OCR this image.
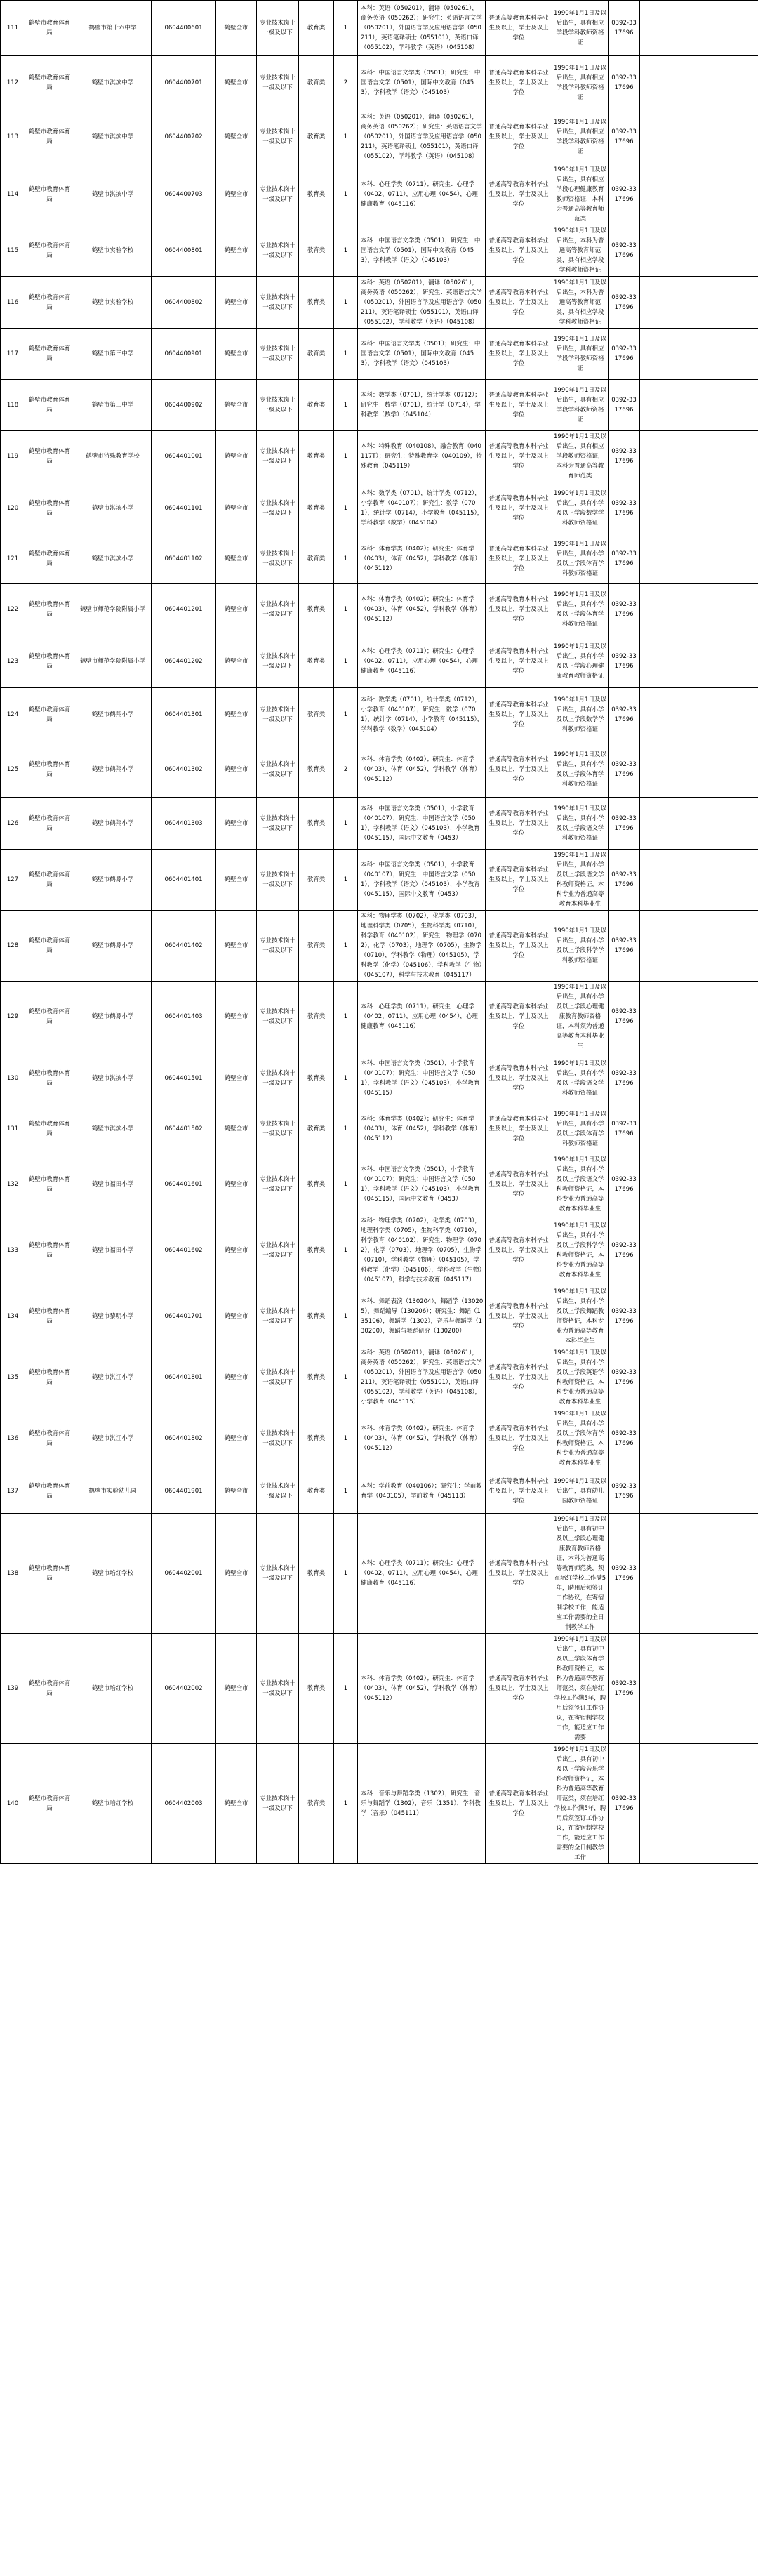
111	鹤壁市教育体育局	鹤壁市第十六中学	0604400601	鹤壁全市	专业技术岗十一级及以下	教育类	1	本科：英语（050201），翻译（050261），商务英语（050262）；研究生：英语语言文学（050201），外国语言学及应用语言学（050211），英语笔译硕士（055101），英语口译（055102），学科教学（英语）（045108）	普通高等教育本科毕业生及以上，学士及以上学位	1990年1月1日及以后出生，具有相应学段学科教师资格证	0392-3317696	
112	鹤壁市教育体育局	鹤壁市淇滨中学	0604400701	鹤壁全市	专业技术岗十一级及以下	教育类	2	本科：中国语言文学类（0501）；研究生：中国语言文学（0501），国际中文教育（0453），学科教学（语文）（045103）	普通高等教育本科毕业生及以上，学士及以上学位	1990年1月1日及以后出生，具有相应学段学科教师资格证	0392-3317696	
113	鹤壁市教育体育局	鹤壁市淇滨中学	0604400702	鹤壁全市	专业技术岗十一级及以下	教育类	1	本科：英语（050201），翻译（050261），商务英语（050262）；研究生：英语语言文学（050201），外国语言学及应用语言学（050211），英语笔译硕士（055101），英语口译（055102），学科教学（英语）（045108）	普通高等教育本科毕业生及以上，学士及以上学位	1990年1月1日及以后出生，具有相应学段学科教师资格证	0392-3317696	
114	鹤壁市教育体育局	鹤壁市淇滨中学	0604400703	鹤壁全市	专业技术岗十一级及以下	教育类	1	本科：心理学类（0711）；研究生：心理学（0402、0711），应用心理（0454），心理健康教育（045116）	普通高等教育本科毕业生及以上，学士及以上学位	1990年1月1日及以后出生，具有相应学段心理健康教育教师资格证，本科为普通高等教育师范类	0392-3317696	
115	鹤壁市教育体育局	鹤壁市实验学校	0604400801	鹤壁全市	专业技术岗十一级及以下	教育类	1	本科：中国语言文学类（0501）；研究生：中国语言文学（0501），国际中文教育（0453），学科教学（语文）（045103）	普通高等教育本科毕业生及以上，学士及以上学位	1990年1月1日及以后出生，本科为普通高等教育师范类，具有相应学段学科教师资格证	0392-3317696	
116	鹤壁市教育体育局	鹤壁市实验学校	0604400802	鹤壁全市	专业技术岗十一级及以下	教育类	1	本科：英语（050201），翻译（050261），商务英语（050262）；研究生：英语语言文学（050201），外国语言学及应用语言学（050211），英语笔译硕士（055101），英语口译（055102），学科教学（英语）（045108）	普通高等教育本科毕业生及以上，学士及以上学位	1990年1月1日及以后出生，本科为普通高等教育师范类，具有相应学段学科教师资格证	0392-3317696	
117	鹤壁市教育体育局	鹤壁市第三中学	0604400901	鹤壁全市	专业技术岗十一级及以下	教育类	1	本科：中国语言文学类（0501）；研究生：中国语言文学（0501），国际中文教育（0453），学科教学（语文）（045103）	普通高等教育本科毕业生及以上，学士及以上学位	1990年1月1日及以后出生，具有相应学段学科教师资格证	0392-3317696	
118	鹤壁市教育体育局	鹤壁市第三中学	0604400902	鹤壁全市	专业技术岗十一级及以下	教育类	1	本科：数学类（0701），统计学类（0712）；研究生：数学（0701），统计学（0714），学科教学（数学）（045104）	普通高等教育本科毕业生及以上，学士及以上学位	1990年1月1日及以后出生，具有相应学段学科教师资格证	0392-3317696	
119	鹤壁市教育体育局	鹤壁市特殊教育学校	0604401001	鹤壁全市	专业技术岗十一级及以下	教育类	1	本科：特殊教育（040108），融合教育（040117T）；研究生：特殊教育学（040109），特殊教育（045119）	普通高等教育本科毕业生及以上，学士及以上学位	1990年1月1日及以后出生，具有相应学段教师资格证，本科为普通高等教育师范类	0392-3317696	
120	鹤壁市教育体育局	鹤壁市淇滨小学	0604401101	鹤壁全市	专业技术岗十一级及以下	教育类	1	本科：数学类（0701），统计学类（0712），小学教育（040107）；研究生：数学（0701），统计学（0714），小学教育（045115），学科教学（数学）（045104）	普通高等教育本科毕业生及以上，学士及以上学位	1990年1月1日及以后出生，具有小学及以上学段数学学科教师资格证	0392-3317696	
121	鹤壁市教育体育局	鹤壁市淇滨小学	0604401102	鹤壁全市	专业技术岗十一级及以下	教育类	1	本科：体育学类（0402）；研究生：体育学（0403），体育（0452），学科教学（体育）（045112）	普通高等教育本科毕业生及以上，学士及以上学位	1990年1月1日及以后出生，具有小学及以上学段体育学科教师资格证	0392-3317696	
122	鹤壁市教育体育局	鹤壁市师范学院附属小学	0604401201	鹤壁全市	专业技术岗十一级及以下	教育类	1	本科：体育学类（0402）；研究生：体育学（0403），体育（0452），学科教学（体育）（045112）	普通高等教育本科毕业生及以上，学士及以上学位	1990年1月1日及以后出生，具有小学及以上学段体育学科教师资格证	0392-3317696	
123	鹤壁市教育体育局	鹤壁市师范学院附属小学	0604401202	鹤壁全市	专业技术岗十一级及以下	教育类	1	本科：心理学类（0711）；研究生：心理学（0402、0711），应用心理（0454），心理健康教育（045116）	普通高等教育本科毕业生及以上，学士及以上学位	1990年1月1日及以后出生，具有小学及以上学段心理健康教育教师资格证	0392-3317696	
124	鹤壁市教育体育局	鹤壁市鹤翔小学	0604401301	鹤壁全市	专业技术岗十一级及以下	教育类	1	本科：数学类（0701），统计学类（0712），小学教育（040107）；研究生：数学（0701），统计学（0714），小学教育（045115），学科教学（数学）（045104）	普通高等教育本科毕业生及以上，学士及以上学位	1990年1月1日及以后出生，具有小学及以上学段数学学科教师资格证	0392-3317696	
125	鹤壁市教育体育局	鹤壁市鹤翔小学	0604401302	鹤壁全市	专业技术岗十一级及以下	教育类	2	本科：体育学类（0402）；研究生：体育学（0403），体育（0452），学科教学（体育）（045112）	普通高等教育本科毕业生及以上，学士及以上学位	1990年1月1日及以后出生，具有小学及以上学段体育学科教师资格证	0392-3317696	
126	鹤壁市教育体育局	鹤壁市鹤翔小学	0604401303	鹤壁全市	专业技术岗十一级及以下	教育类	1	本科：中国语言文学类（0501），小学教育（040107）；研究生：中国语言文学（0501），学科教学（语文）（045103），小学教育（045115），国际中文教育（0453）	普通高等教育本科毕业生及以上，学士及以上学位	1990年1月1日及以后出生，具有小学及以上学段语文学科教师资格证	0392-3317696	
127	鹤壁市教育体育局	鹤壁市鹤源小学	0604401401	鹤壁全市	专业技术岗十一级及以下	教育类	1	本科：中国语言文学类（0501），小学教育（040107）；研究生：中国语言文学（0501），学科教学（语文）（045103），小学教育（045115），国际中文教育（0453）	普通高等教育本科毕业生及以上，学士及以上学位	1990年1月1日及以后出生，具有小学及以上学段语文学科教师资格证，本科专业为普通高等教育本科毕业生	0392-3317696	
128	鹤壁市教育体育局	鹤壁市鹤源小学	0604401402	鹤壁全市	专业技术岗十一级及以下	教育类	1	本科：物理学类（0702），化学类（0703），地理科学类（0705），生物科学类（0710），科学教育（040102）；研究生：物理学（0702），化学（0703），地理学（0705），生物学（0710），学科教学（物理）（045105），学科教学（化学）（045106），学科教学（生物）（045107），科学与技术教育（045117）	普通高等教育本科毕业生及以上，学士及以上学位	1990年1月1日及以后出生，具有小学及以上学段科学学科教师资格证	0392-3317696	
129	鹤壁市教育体育局	鹤壁市鹤源小学	0604401403	鹤壁全市	专业技术岗十一级及以下	教育类	1	本科：心理学类（0711）；研究生：心理学（0402、0711），应用心理（0454），心理健康教育（045116）	普通高等教育本科毕业生及以上，学士及以上学位	1990年1月1日及以后出生，具有小学及以上学段心理健康教育教师资格证，本科须为普通高等教育本科毕业生	0392-3317696	
130	鹤壁市教育体育局	鹤壁市淇滨小学	0604401501	鹤壁全市	专业技术岗十一级及以下	教育类	1	本科：中国语言文学类（0501），小学教育（040107）；研究生：中国语言文学（0501），学科教学（语文）（045103），小学教育（045115）	普通高等教育本科毕业生及以上，学士及以上学位	1990年1月1日及以后出生，具有小学及以上学段语文学科教师资格证	0392-3317696	
131	鹤壁市教育体育局	鹤壁市淇滨小学	0604401502	鹤壁全市	专业技术岗十一级及以下	教育类	1	本科：体育学类（0402）；研究生：体育学（0403），体育（0452），学科教学（体育）（045112）	普通高等教育本科毕业生及以上，学士及以上学位	1990年1月1日及以后出生，具有小学及以上学段体育学科教师资格证	0392-3317696	
132	鹤壁市教育体育局	鹤壁市福田小学	0604401601	鹤壁全市	专业技术岗十一级及以下	教育类	1	本科：中国语言文学类（0501），小学教育（040107）；研究生：中国语言文学（0501），学科教学（语文）（045103），小学教育（045115），国际中文教育（0453）	普通高等教育本科毕业生及以上，学士及以上学位	1990年1月1日及以后出生，具有小学及以上学段语文学科教师资格证，本科专业为普通高等教育本科毕业生	0392-3317696	
133	鹤壁市教育体育局	鹤壁市福田小学	0604401602	鹤壁全市	专业技术岗十一级及以下	教育类	1	本科：物理学类（0702），化学类（0703），地理科学类（0705），生物科学类（0710），科学教育（040102）；研究生：物理学（0702），化学（0703），地理学（0705），生物学（0710），学科教学（物理）（045105），学科教学（化学）（045106），学科教学（生物）（045107），科学与技术教育（045117）	普通高等教育本科毕业生及以上，学士及以上学位	1990年1月1日及以后出生，具有小学及以上学段科学学科教师资格证，本科专业为普通高等教育本科毕业生	0392-3317696	
134	鹤壁市教育体育局	鹤壁市黎明小学	0604401701	鹤壁全市	专业技术岗十一级及以下	教育类	1	本科：舞蹈表演（130204），舞蹈学（130205），舞蹈编导（130206）；研究生：舞蹈（135106），舞蹈学（1302），音乐与舞蹈学（130200），舞蹈与舞蹈研究（130200）	普通高等教育本科毕业生及以上，学士及以上学位	1990年1月1日及以后出生，具有小学及以上学段舞蹈教师资格证，本科专业为普通高等教育本科毕业生	0392-3317696	
135	鹤壁市教育体育局	鹤壁市淇江小学	0604401801	鹤壁全市	专业技术岗十一级及以下	教育类	1	本科：英语（050201），翻译（050261），商务英语（050262）；研究生：英语语言文学（050201），外国语言学及应用语言学（050211），英语笔译硕士（055101），英语口译（055102），学科教学（英语）（045108），小学教育（045115）	普通高等教育本科毕业生及以上，学士及以上学位	1990年1月1日及以后出生，具有小学及以上学段英语学科教师资格证，本科专业为普通高等教育本科毕业生	0392-3317696	
136	鹤壁市教育体育局	鹤壁市淇江小学	0604401802	鹤壁全市	专业技术岗十一级及以下	教育类	1	本科：体育学类（0402）；研究生：体育学（0403），体育（0452），学科教学（体育）（045112）	普通高等教育本科毕业生及以上，学士及以上学位	1990年1月1日及以后出生，具有小学及以上学段体育学科教师资格证，本科专业为普通高等教育本科毕业生	0392-3317696	
137	鹤壁市教育体育局	鹤壁市实验幼儿园	0604401901	鹤壁全市	专业技术岗十一级及以下	教育类	1	本科：学前教育（040106）；研究生：学前教育学（040105），学前教育（045118）	普通高等教育本科毕业生及以上，学士及以上学位	1990年1月1日及以后出生，具有幼儿园教师资格证	0392-3317696	
138	鹤壁市教育体育局	鹤壁市培红学校	0604402001	鹤壁全市	专业技术岗十一级及以下	教育类	1	本科：心理学类（0711）；研究生：心理学（0402、0711），应用心理（0454），心理健康教育（045116）	普通高等教育本科毕业生及以上，学士及以上学位	1990年1月1日及以后出生，具有初中及以上学段心理健康教育教师资格证，本科为普通高等教育师范类，须在培红学校工作满5年，聘用后须签订工作协议，在寄宿制学校工作，能适应工作需要的全日制教学工作	0392-3317696	
139	鹤壁市教育体育局	鹤壁市培红学校	0604402002	鹤壁全市	专业技术岗十一级及以下	教育类	1	本科：体育学类（0402）；研究生：体育学（0403），体育（0452），学科教学（体育）（045112）	普通高等教育本科毕业生及以上，学士及以上学位	1990年1月1日及以后出生，具有初中及以上学段体育学科教师资格证，本科为普通高等教育师范类，须在培红学校工作满5年，聘用后须签订工作协议，在寄宿制学校工作，能适应工作需要	0392-3317696	
140	鹤壁市教育体育局	鹤壁市培红学校	0604402003	鹤壁全市	专业技术岗十一级及以下	教育类	1	本科：音乐与舞蹈学类（1302）；研究生：音乐与舞蹈学（1302），音乐（1351），学科教学（音乐）（045111）	普通高等教育本科毕业生及以上，学士及以上学位	1990年1月1日及以后出生，具有初中及以上学段音乐学科教师资格证，本科为普通高等教育师范类，须在培红学校工作满5年，聘用后须签订工作协议，在寄宿制学校工作，能适应工作需要的全日制教学工作	0392-3317696	
